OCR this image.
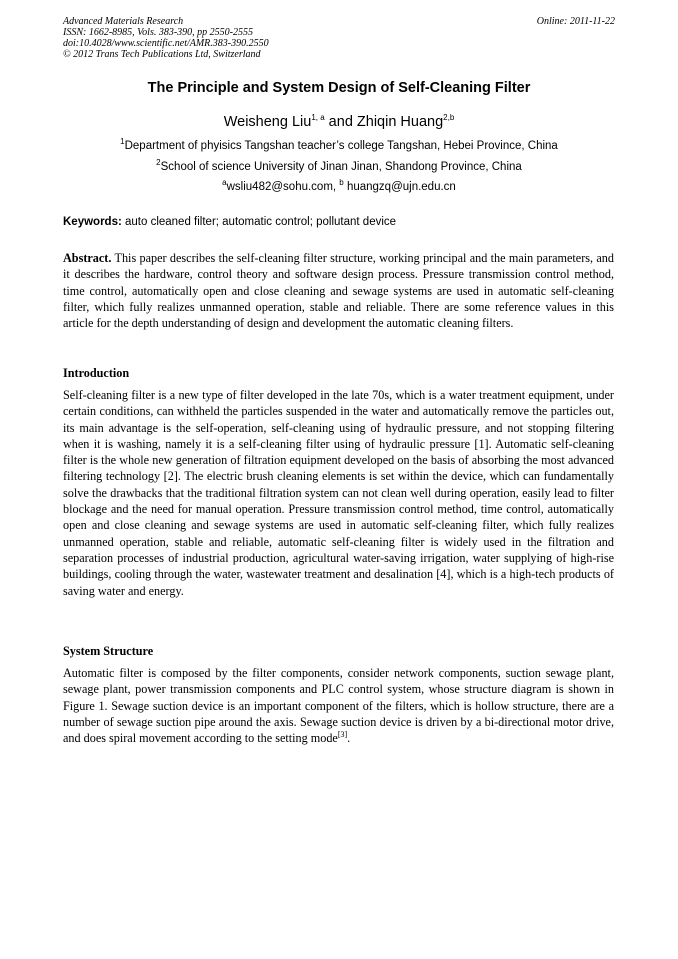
Advanced Materials Research	Online: 2011-11-22
ISSN: 1662-8985, Vols. 383-390, pp 2550-2555
doi:10.4028/www.scientific.net/AMR.383-390.2550
© 2012 Trans Tech Publications Ltd, Switzerland
The Principle and System Design of Self-Cleaning Filter
Weisheng Liu$^{1, a}$ and Zhiqin Huang$^{2,b}$
$^1$Department of phyisics Tangshan teacher’s college Tangshan, Hebei Province, China
$^2$School of science University of Jinan Jinan, Shandong Province, China
$^a$wsliu482@sohu.com, $^b$ huangzq@ujn.edu.cn
Keywords: auto cleaned filter; automatic control; pollutant device
Abstract. This paper describes the self-cleaning filter structure, working principal and the main parameters, and it describes the hardware, control theory and software design process. Pressure transmission control method, time control, automatically open and close cleaning and sewage systems are used in automatic self-cleaning filter, which fully realizes unmanned operation, stable and reliable. There are some reference values in this article for the depth understanding of design and development the automatic cleaning filters.
Introduction
Self-cleaning filter is a new type of filter developed in the late 70s, which is a water treatment equipment, under certain conditions, can withheld the particles suspended in the water and automatically remove the particles out, its main advantage is the self-operation, self-cleaning using of hydraulic pressure, and not stopping filtering when it is washing, namely it is a self-cleaning filter using of hydraulic pressure [1]. Automatic self-cleaning filter is the whole new generation of filtration equipment developed on the basis of absorbing the most advanced filtering technology [2]. The electric brush cleaning elements is set within the device, which can fundamentally solve the drawbacks that the traditional filtration system can not clean well during operation, easily lead to filter blockage and the need for manual operation. Pressure transmission control method, time control, automatically open and close cleaning and sewage systems are used in automatic self-cleaning filter, which fully realizes unmanned operation, stable and reliable, automatic self-cleaning filter is widely used in the filtration and separation processes of industrial production, agricultural water-saving irrigation, water supplying of high-rise buildings, cooling through the water, wastewater treatment and desalination [4], which is a high-tech products of saving water and energy.
System Structure
Automatic filter is composed by the filter components, consider network components, suction sewage plant, sewage plant, power transmission components and PLC control system, whose structure diagram is shown in Figure 1. Sewage suction device is an important component of the filters, which is hollow structure, there are a number of sewage suction pipe around the axis. Sewage suction device is driven by a bi-directional motor drive, and does spiral movement according to the setting mode[3].
